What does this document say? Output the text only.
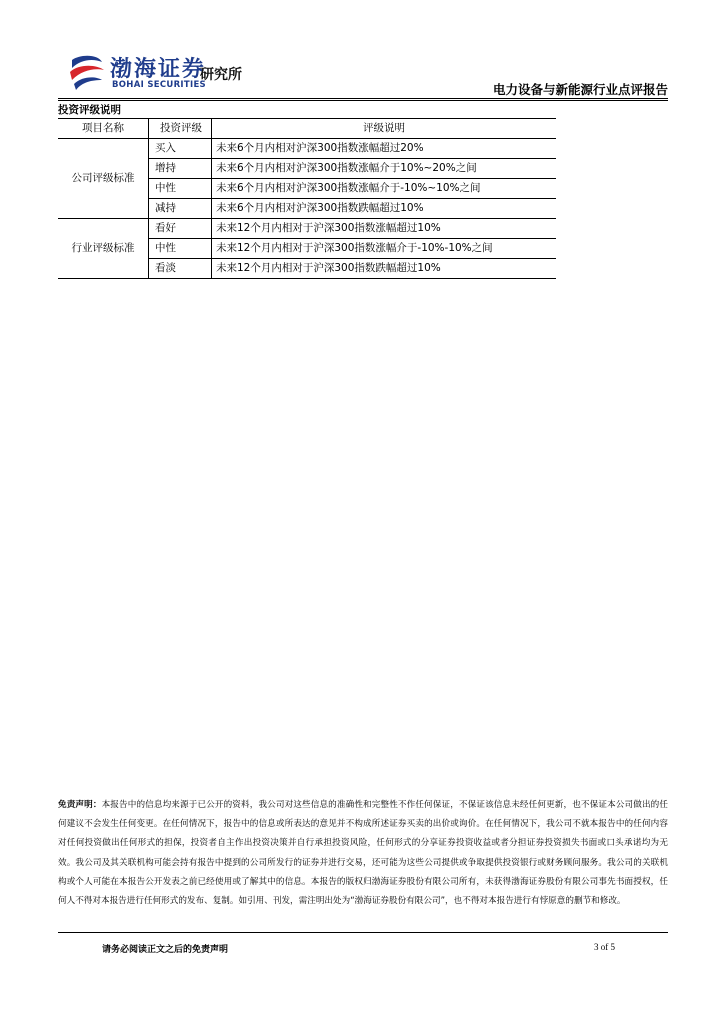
渤海证券
BOHAI SECURITIES
研究所
电力设备与新能源行业点评报告
投资评级说明
项目名称	投资评级	评级说明
公司评级标准	买入	未来6个月内相对沪深300指数涨幅超过20%
	增持	未来6个月内相对沪深300指数涨幅介于10%~20%之间
	中性	未来6个月内相对沪深300指数涨幅介于-10%~10%之间
	减持	未来6个月内相对沪深300指数跌幅超过10%
行业评级标准	看好	未来12个月内相对于沪深300指数涨幅超过10%
	中性	未来12个月内相对于沪深300指数涨幅介于-10%-10%之间
	看淡	未来12个月内相对于沪深300指数跌幅超过10%
免责声明：本报告中的信息均来源于已公开的资料，我公司对这些信息的准确性和完整性不作任何保证，不保证该信息未经任何更新，也不保证本公司做出的任何建议不会发生任何变更。在任何情况下，报告中的信息或所表达的意见并不构成所述证券买卖的出价或询价。在任何情况下，我公司不就本报告中的任何内容对任何投资做出任何形式的担保，投资者自主作出投资决策并自行承担投资风险，任何形式的分享证券投资收益或者分担证券投资损失书面或口头承诺均为无效。我公司及其关联机构可能会持有报告中提到的公司所发行的证券并进行交易，还可能为这些公司提供或争取提供投资银行或财务顾问服务。我公司的关联机构或个人可能在本报告公开发表之前已经使用或了解其中的信息。本报告的版权归渤海证券股份有限公司所有，未获得渤海证券股份有限公司事先书面授权，任何人不得对本报告进行任何形式的发布、复制。如引用、刊发，需注明出处为“渤海证券股份有限公司”，也不得对本报告进行有悖原意的删节和修改。
请务必阅读正文之后的免责声明	3 of 5
